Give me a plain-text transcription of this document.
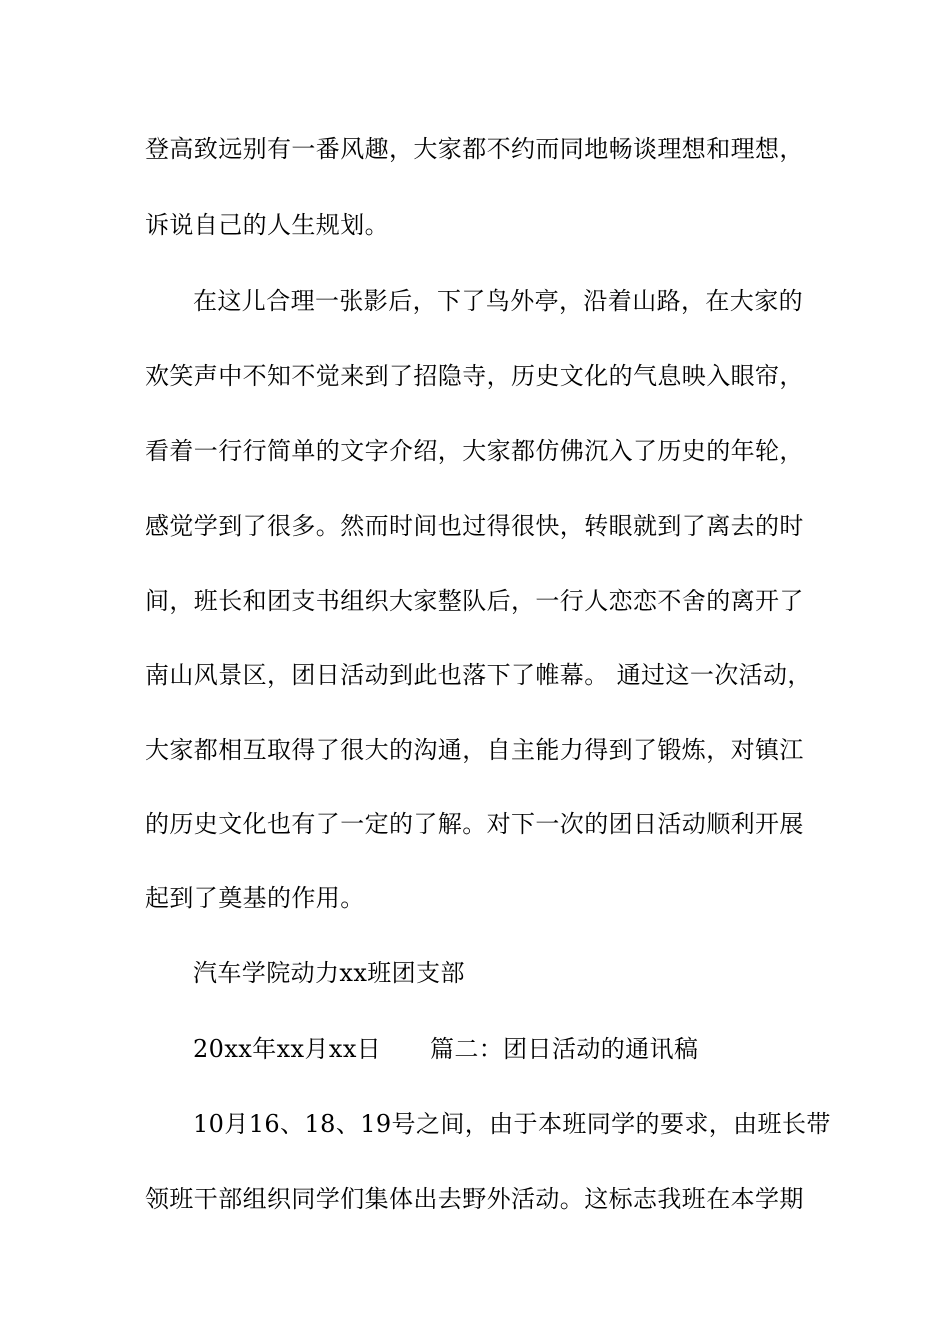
登高致远别有一番风趣，大家都不约而同地畅谈理想和理想，
诉说自己的人生规划。
在这儿合理一张影后，下了鸟外亭，沿着山路，在大家的
欢笑声中不知不觉来到了招隐寺，历史文化的气息映入眼帘，
看着一行行简单的文字介绍，大家都仿佛沉入了历史的年轮，
感觉学到了很多。然而时间也过得很快，转眼就到了离去的时
间，班长和团支书组织大家整队后，一行人恋恋不舍的离开了
南山风景区，团日活动到此也落下了帷幕。 通过这一次活动，
大家都相互取得了很大的沟通，自主能力得到了锻炼，对镇江
的历史文化也有了一定的了解。对下一次的团日活动顺利开展
起到了奠基的作用。
汽车学院动力xx班团支部
20xx年xx月xx日　　篇二：团日活动的通讯稿
10月16、18、19号之间，由于本班同学的要求，由班长带
领班干部组织同学们集体出去野外活动。这标志我班在本学期
